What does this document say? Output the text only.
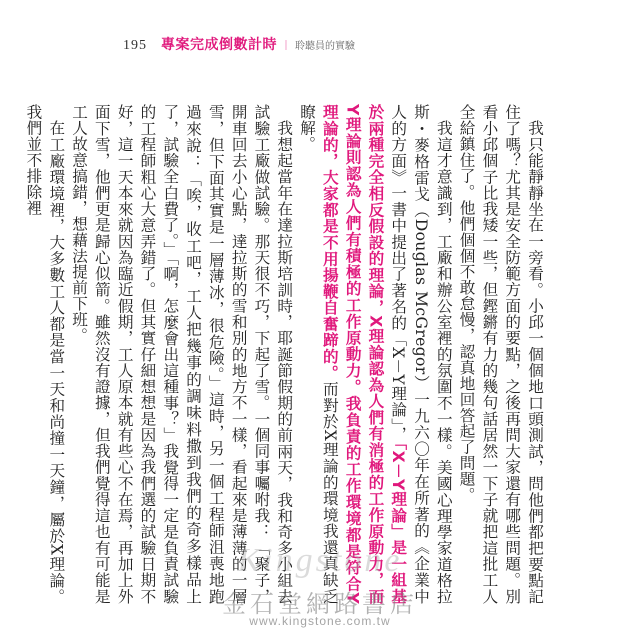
195 專案完成倒數計時 ｜ 聆聽員的實驗

我只能靜靜坐在一旁看。小邱一個個地口頭測試，問他們都把要點記住了嗎？尤其是安全防範方面的要點，之後再問大家還有哪些問題。別看小邱個子比我矮一些，但鏗鏘有力的幾句話居然一下子就把這批工人全給鎮住了。他們個個不敢怠慢，認真地回答起了問題。

我這才意識到，工廠和辦公室裡的氛圍不一樣。美國心理學家道格拉斯・麥格雷戈（Douglas McGregor）一九六〇年在所著的《企業中人的方面》一書中提出了著名的「X－Y理論」，「X－Y理論」是一組基於兩種完全相反假設的理論，X理論認為人們有消極的工作原動力，而Y理論則認為人們有積極的工作原動力。我負責的工作環境都是符合Y理論的，大家都是不用揚鞭自奮蹄的。而對於X理論的環境我還真缺乏瞭解。

我想起當年在達拉斯培訓時，耶誕節假期的前兩天，我和奇多小組去試驗工廠做試驗。那天很不巧，下起了雪。一個同事囑咐我：「聚子，開車回去小心點，達拉斯的雪和別的地方不一樣，看起來是薄薄的一層雪，但下面其實是一層薄冰，很危險。」這時，另一個工程師沮喪地跑過來說：「唉，收工吧，工人把幾事的調味料撒到我們的奇多樣品上了，試驗全白費了。」「啊，怎麼會出這種事？」我覺得一定是負責試驗的工程師粗心大意弄錯了。但其實仔細想想是因為我們選的試驗日期不好，這一天本來就因為臨近假期，工人原本就有些心不在焉，再加上外面下雪，他們更是歸心似箭。雖然沒有證據，但我們覺得這也有可能是工人故意搞錯，想藉法提前下班。

在工廠環境裡，大多數工人都是當一天和尚撞一天鐘，屬於X理論。我們並不排除裡

Kingstone
金石堂網路書店
www.kingstone.com.tw
